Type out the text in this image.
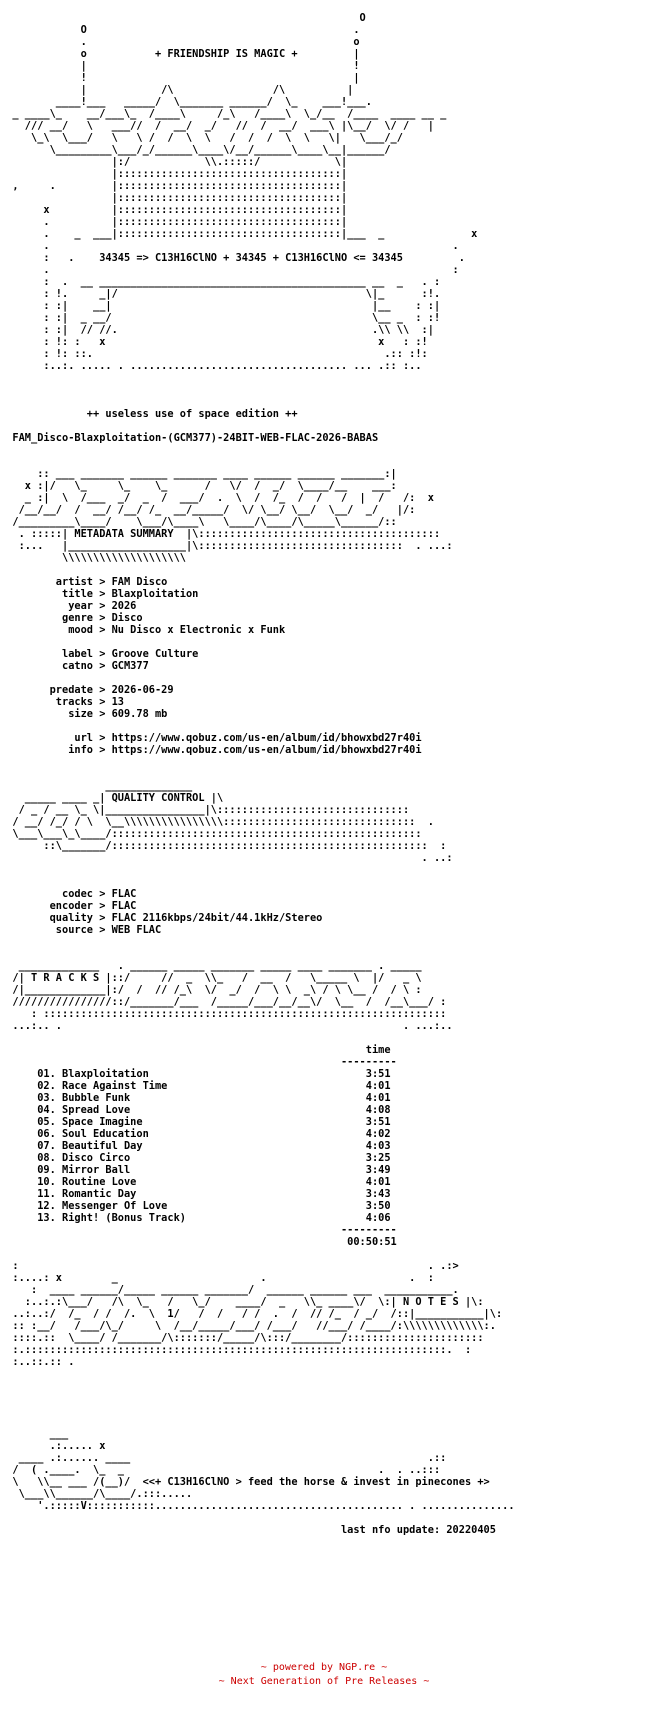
O
O                                           .
.                                           o
o           + FRIENDSHIP IS MAGIC +         |
|                                           !
!                                           |
|            /\                /\          |
____!___   _____/  \_______ ______/  \_    ___!___.
_ ____\_    __/___\_  /____\     /_\   /____\  \_/__  /____  ____ __ _
/// __/   \   ___//  /  __/  _/   //  /  __/  ___\ |\__/  \/ /   |
\_\  \___/   \   \ /  /  \  \   /  /  /  \  \   \|   \___/_/
\_________\___/_/______\____\/__/______\____\__|______/
|:/            \\.:::::/            \|
|::::::::::::::::::::::::::::::::::::|
,     .         |::::::::::::::::::::::::::::::::::::|
|::::::::::::::::::::::::::::::::::::|
x          |::::::::::::::::::::::::::::::::::::|
.          |::::::::::::::::::::::::::::::::::::|
.    _  ___|::::::::::::::::::::::::::::::::::::|___  _              x
.                                                                 .
:   .    34345 => C13H16ClNO + 34345 + C13H16ClNO <= 34345         .
.                                                                 :
:  .  __ ___________________________________________ __  _   . :
: !.     _|/                                        \|_      :!.
: :|    __|                                          |__    : :|
: :|  _ __/                                          \__ _  : :!
: :|  // //.                                         .\\ \\  :|
: !: :   x                                            x   : :!
: !: ::.                                               .:: :!:
:..:. ..... . ................................... ... .:: :..
++ useless use of space edition ++
FAM_Disco-Blaxploitation-(GCM377)-24BIT-WEB-FLAC-2026-BABAS
:: ___ _______ ______ _______ ____ ______ ______ _______:|
x :|/   \_     \_    \_      /   \/  /  _/  \____/__    ___:
_ :|  \  /___  _/  _  /  ___/  .  \  /  /_  /  /   /  |  /   /:  x
/__/__/  /  __/ /__/ /_  __/_____/  \/ \__/ \__/  \__/  _/   |/:
/_________\____/    \___/\____\   \____/\____/\_____\______/::
. :::::| METADATA SUMMARY  |\:::::::::::::::::::::::::::::::::::::::
:...   |___________________|\:::::::::::::::::::::::::::::::::  . ...:
\\\\\\\\\\\\\\\\\\\\
artist > FAM Disco
title > Blaxploitation
year > 2026
genre > Disco
mood > Nu Disco x Electronic x Funk
label > Groove Culture
catno > GCM377
predate > 2026-06-29
tracks > 13
size > 609.78 mb
url > https://www.qobuz.com/us-en/album/id/bhowxbd27r40i
info > https://www.qobuz.com/us-en/album/id/bhowxbd27r40i
______________
_____ ____ _| QUALITY CONTROL |\
/ _ / __ \_ \|________________|\:::::::::::::::::::::::::::::::
/ __/ /_/ / \  \__\\\\\\\\\\\\\\\\:::::::::::::::::::::::::::::::  .
\___\___\_\____/::::::::::::::::::::::::::::::::::::::::::::::::::
::\_______/:::::::::::::::::::::::::::::::::::::::::::::::::::  :
. ..:
codec > FLAC
encoder > FLAC
quality > FLAC 2116kbps/24bit/44.1kHz/Stereo
source > WEB FLAC
_____________   . ______ _____ _______ _____ ____ _______ . _____
/| T R A C K S |::/     //  _  \\_   /  __  /   \_____ \  |/   _ \
/|_____________|:/  /  // /_\  \/  _/  /  \ \  _\ / \ \__ /  / \ :
////////////////::/_______/___  /_____/___/__/__\/  \__  /  /__\___/ :
: :::::::::::::::::::::::::::::::::::::::::::::::::::::::::::::::::
...:.. .                                                       . ...:..
time
---------
01. Blaxploitation                                   3:51
02. Race Against Time                                4:01
03. Bubble Funk                                      4:01
04. Spread Love                                      4:08
05. Space Imagine                                    3:51
06. Soul Education                                   4:02
07. Beautiful Day                                    4:03
08. Disco Circo                                      3:25
09. Mirror Ball                                      3:49
10. Routine Love                                     4:01
11. Romantic Day                                     3:43
12. Messenger Of Love                                3:50
13. Right! (Bonus Track)                             4:06
---------
00:50:51
:                                                                  . .:>
:....: x        _                       .                       .  :
:  ____ ______/_____ ______ _______/  ______ ______ ___  ___________.
:..:.:\___/   /\  \_   /   \_/    ____/  _   \\_ ____\/  \:| N O T E S |\:
..:..:/  /_  / /  /.  \  1/   /  /   / /  .  /  // /_  / _/  /::|___________|\:
:: :__/   /___/\_/     \  /__/_____/___/ /___/   //___/ /____/:\\\\\\\\\\\\\:.
::::.::  \____/ /_______/\:::::::/_____/\:::/________/::::::::::::::::::::::
:.::::::::::::::::::::::::::::::::::::::::::::::::::::::::::::::::::::.  :
:..::.:: .
___
.:..... x
____ .:...... ____                                                .::
/  ( .____.  \_  _                                         .  . ..:::
\   \\__ ___ /(__)/  <<+ C13H16ClNO > feed the horse & invest in pinecones +>
\___\\______/\____/.:::.....
'.:::::V:::::::::::........................................ . ...............
last nfo update: 20220405
~ powered by NGP.re ~
~ Next Generation of Pre Releases ~
